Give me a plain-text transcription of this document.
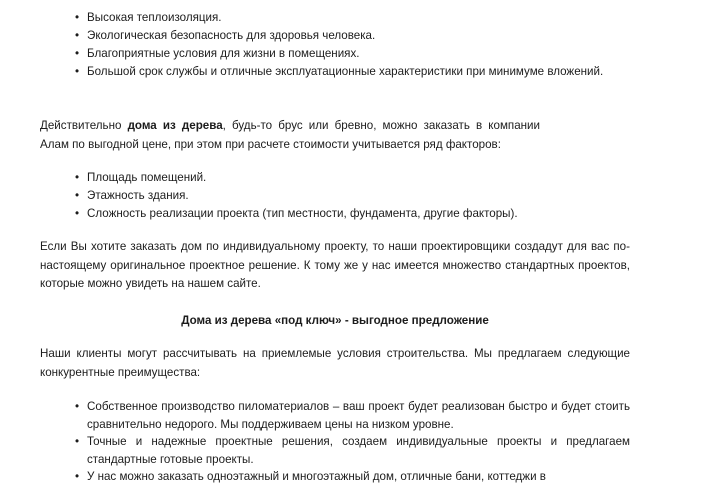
• Высокая теплоизоляция.
• Экологическая безопасность для здоровья человека.
• Благоприятные условия для жизни в помещениях.
• Большой срок службы и отличные эксплуатационные характеристики при минимуме вложений.

Действительно дома из дерева, будь-то брус или бревно, можно заказать в компании Алам по выгодной цене, при этом при расчете стоимости учитывается ряд факторов:

• Площадь помещений.
• Этажность здания.
• Сложность реализации проекта (тип местности, фундамента, другие факторы).

Если Вы хотите заказать дом по индивидуальному проекту, то наши проектировщики создадут для вас по-настоящему оригинальное проектное решение. К тому же у нас имеется множество стандартных проектов, которые можно увидеть на нашем сайте.

Дома из дерева «под ключ» - выгодное предложение

Наши клиенты могут рассчитывать на приемлемые условия строительства. Мы предлагаем следующие конкурентные преимущества:

• Собственное производство пиломатериалов – ваш проект будет реализован быстро и будет стоить сравнительно недорого. Мы поддерживаем цены на низком уровне.
• Точные и надежные проектные решения, создаем индивидуальные проекты и предлагаем стандартные готовые проекты.
• У нас можно заказать одноэтажный и многоэтажный дом, отличные бани, коттеджи в
